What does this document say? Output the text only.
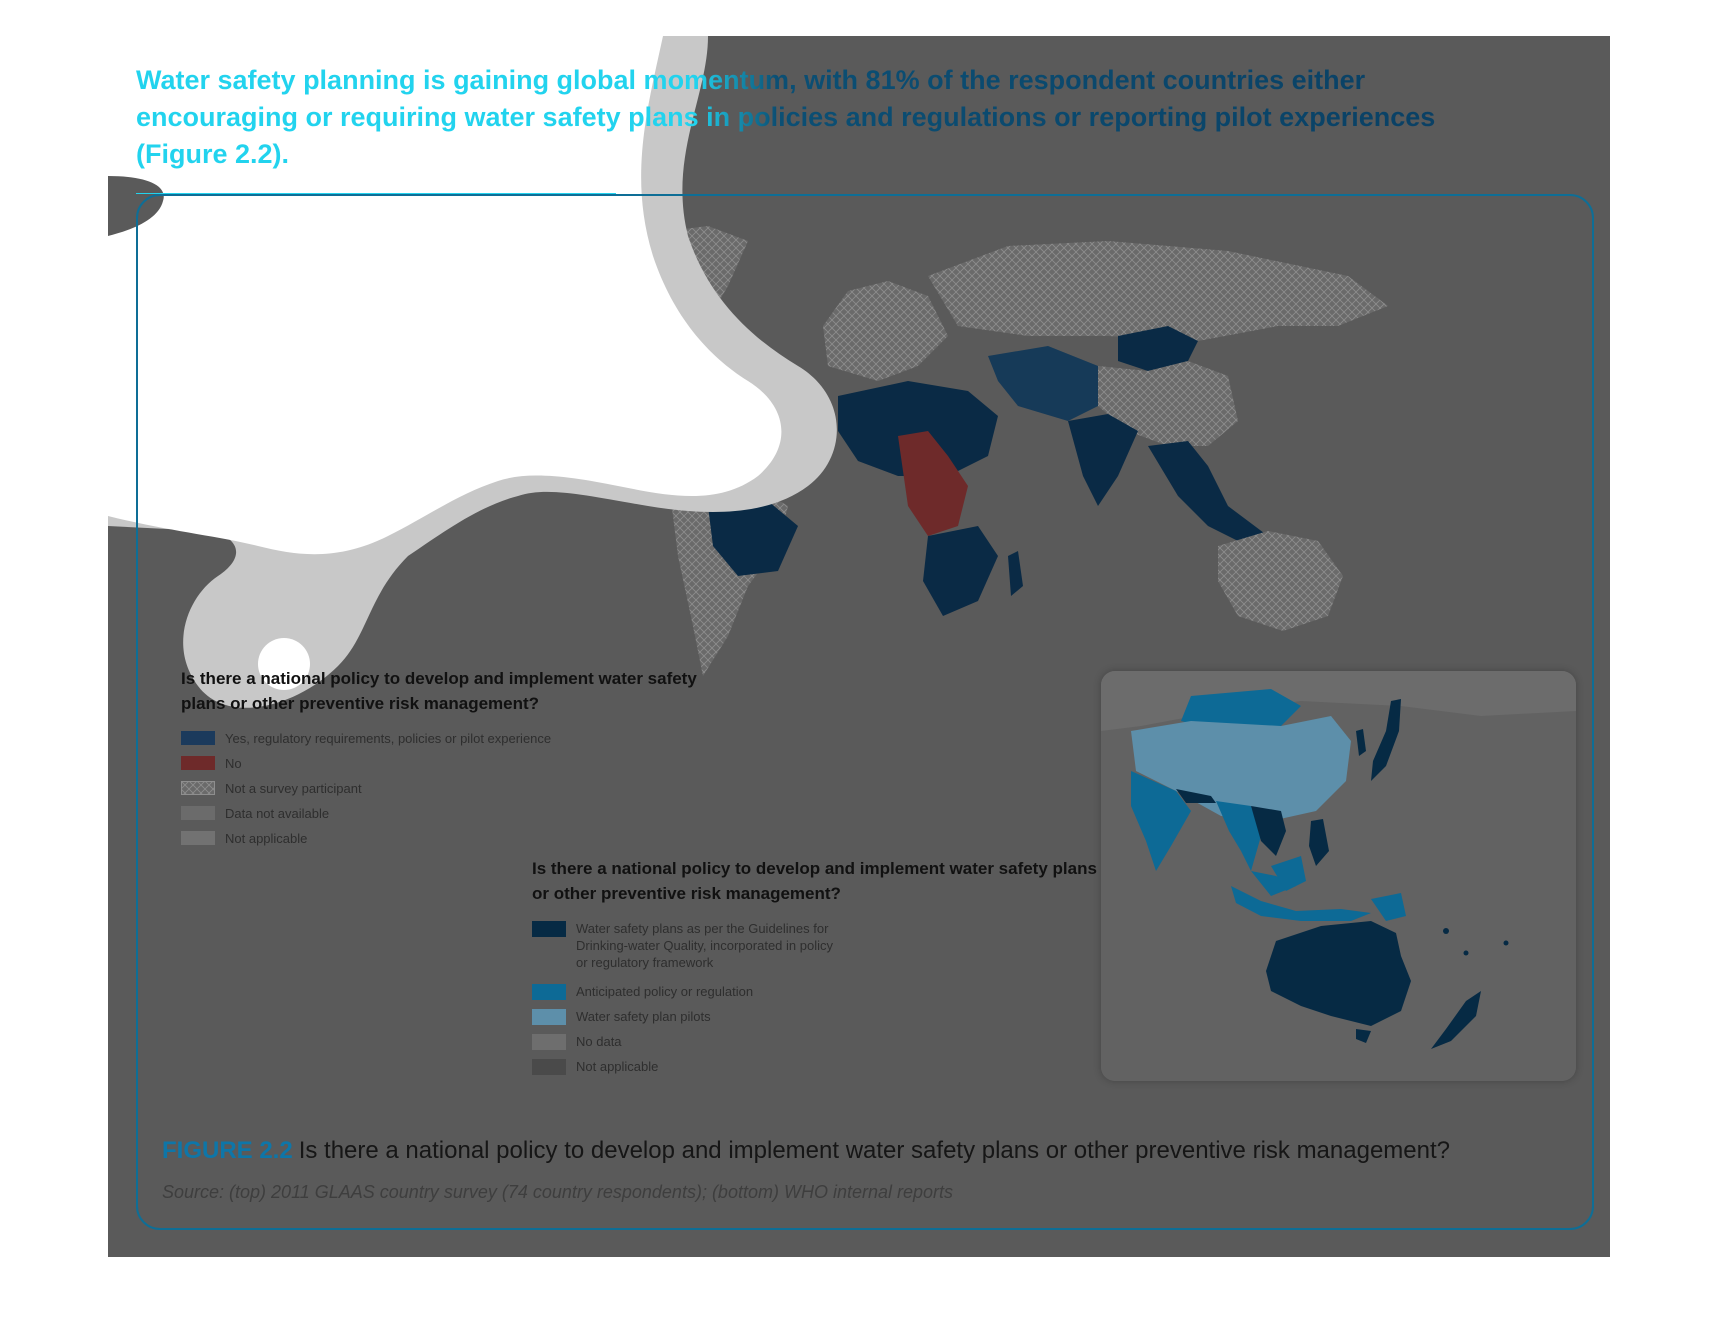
Water safety planning is gaining global momentum, with 81% of the respondent countries either encouraging or requiring water safety plans in policies and regulations or reporting pilot experiences (Figure 2.2).

Is there a national policy to develop and implement water safety plans or other preventive risk management?

Yes, regulatory requirements, policies or pilot experience
No
Not a survey participant
Data not available
Not applicable

Is there a national policy to develop and implement water safety plans or other preventive risk management?

Water safety plans as per the Guidelines for Drinking-water Quality, incorporated in policy or regulatory framework
Anticipated policy or regulation
Water safety plan pilots
No data
Not applicable
FIGURE 2.2 Is there a national policy to develop and implement water safety plans or other preventive risk management?
Source: (top) 2011 GLAAS country survey (74 country respondents); (bottom) WHO internal reports
